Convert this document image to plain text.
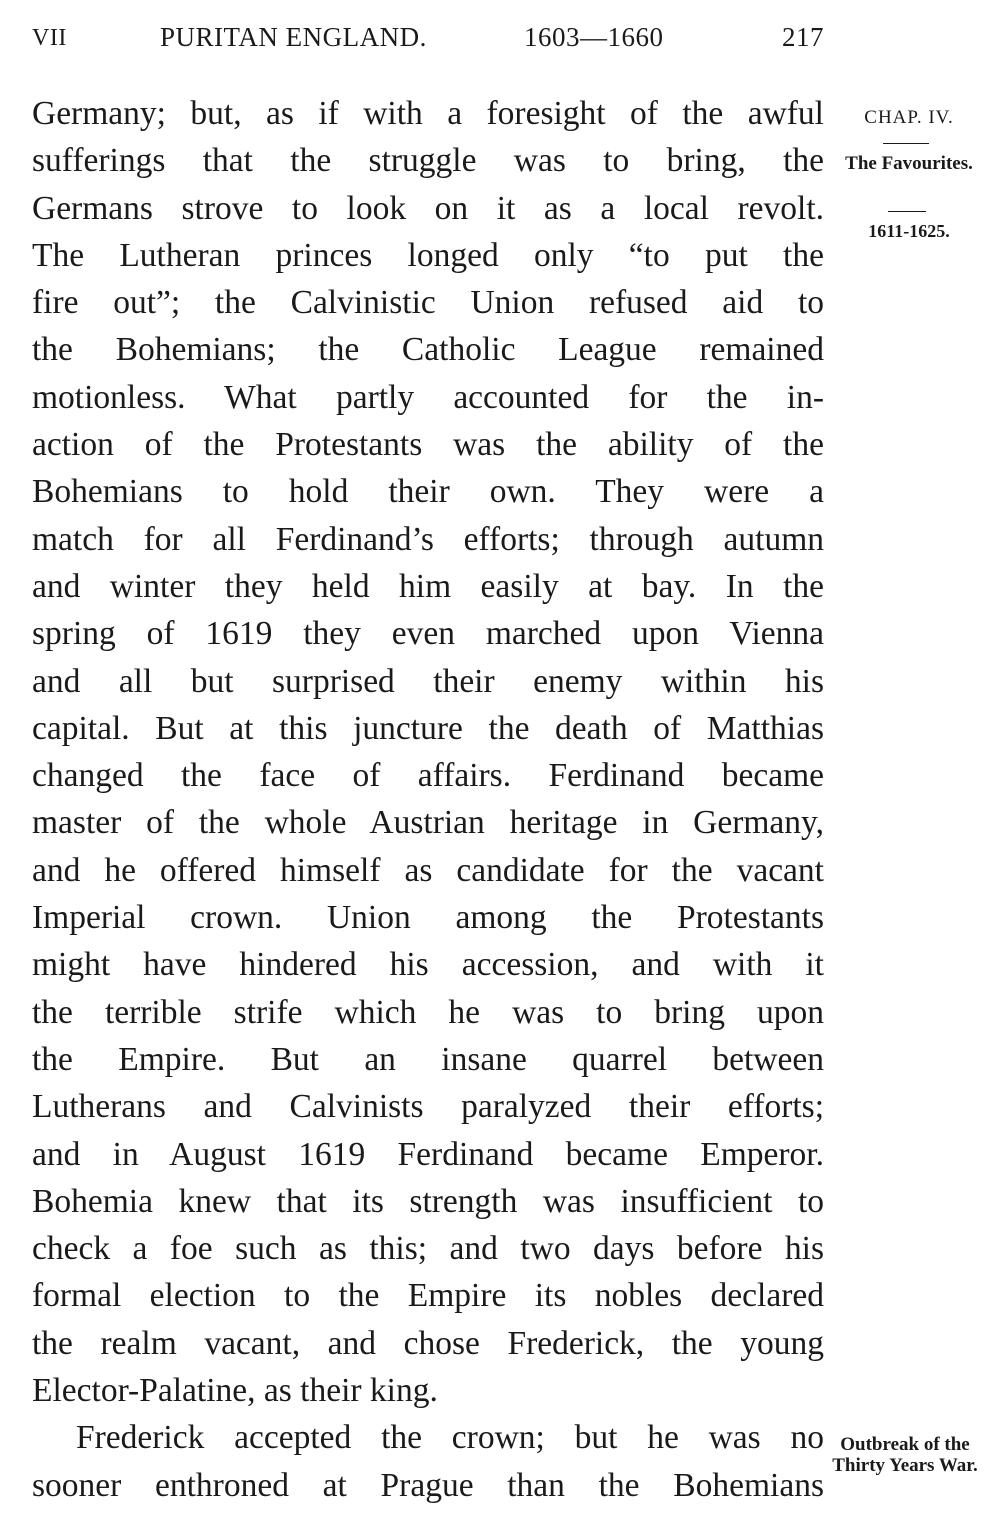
VII	PURITAN ENGLAND.	1603—1660	217
CHAP. IV.
The Favourites.
1611-1625.
Outbreak of the Thirty Years War.
Germany; but, as if with a foresight of the awful
sufferings that the struggle was to bring, the
Germans strove to look on it as a local revolt.
The Lutheran princes longed only “to put the
fire out”; the Calvinistic Union refused aid to
the Bohemians; the Catholic League remained
motionless. What partly accounted for the in-
action of the Protestants was the ability of the
Bohemians to hold their own. They were a
match for all Ferdinand’s efforts; through autumn
and winter they held him easily at bay. In the
spring of 1619 they even marched upon Vienna
and all but surprised their enemy within his
capital. But at this juncture the death of Matthias
changed the face of affairs. Ferdinand became
master of the whole Austrian heritage in Germany,
and he offered himself as candidate for the vacant
Imperial crown. Union among the Protestants
might have hindered his accession, and with it
the terrible strife which he was to bring upon
the Empire. But an insane quarrel between
Lutherans and Calvinists paralyzed their efforts;
and in August 1619 Ferdinand became Emperor.
Bohemia knew that its strength was insufficient to
check a foe such as this; and two days before his
formal election to the Empire its nobles declared
the realm vacant, and chose Frederick, the young
Elector-Palatine, as their king.
Frederick accepted the crown; but he was no
sooner enthroned at Prague than the Bohemians
